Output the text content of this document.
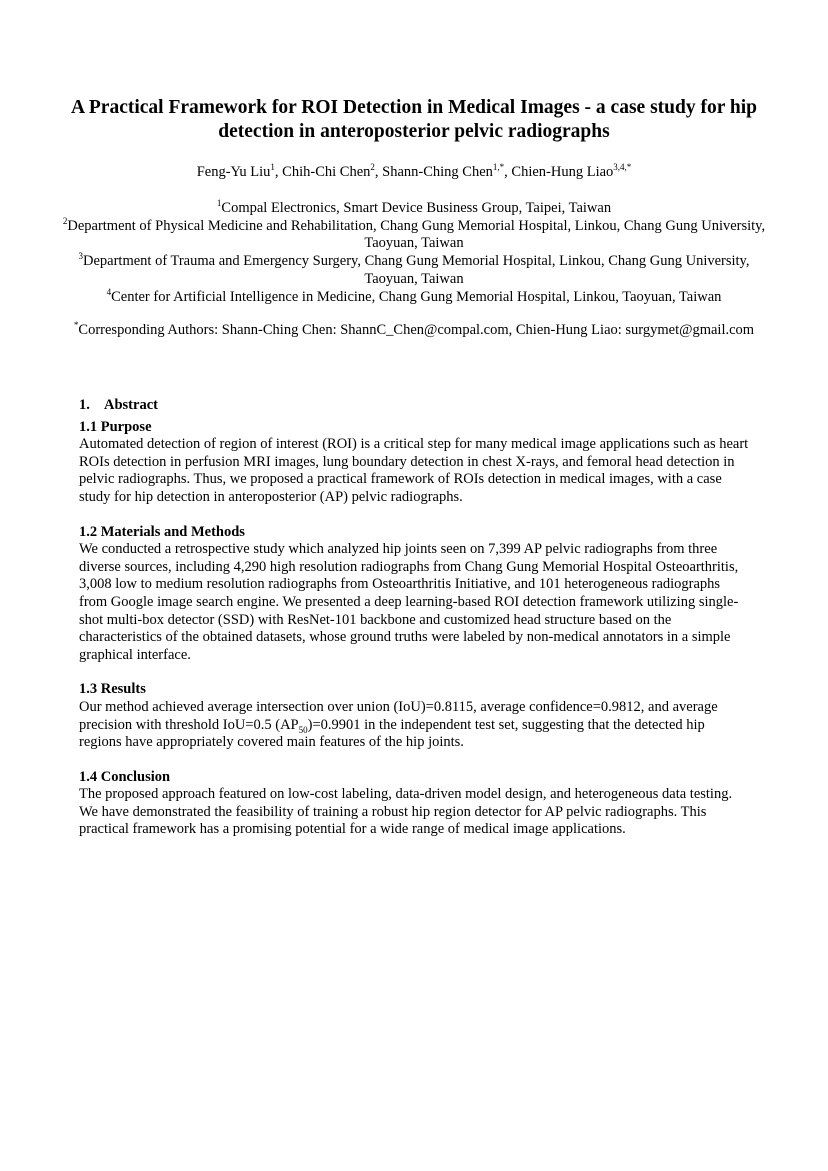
A Practical Framework for ROI Detection in Medical Images - a case study for hip detection in anteroposterior pelvic radiographs
Feng-Yu Liu$^1$, Chih-Chi Chen$^2$, Shann-Ching Chen$^{1,*}$, Chien-Hung Liao$^{3,4,*}$
$^1$Compal Electronics, Smart Device Business Group, Taipei, Taiwan
$^2$Department of Physical Medicine and Rehabilitation, Chang Gung Memorial Hospital, Linkou, Chang Gung University, Taoyuan, Taiwan
$^3$Department of Trauma and Emergency Surgery, Chang Gung Memorial Hospital, Linkou, Chang Gung University, Taoyuan, Taiwan
$^4$Center for Artificial Intelligence in Medicine, Chang Gung Memorial Hospital, Linkou, Taoyuan, Taiwan
*Corresponding Authors: Shann-Ching Chen: ShannC_Chen@compal.com, Chien-Hung Liao: surgymet@gmail.com
1. Abstract
1.1 Purpose

Automated detection of region of interest (ROI) is a critical step for many medical image applications such as heart ROIs detection in perfusion MRI images, lung boundary detection in chest X-rays, and femoral head detection in pelvic radiographs. Thus, we proposed a practical framework of ROIs detection in medical images, with a case study for hip detection in anteroposterior (AP) pelvic radiographs.

1.2 Materials and Methods

We conducted a retrospective study which analyzed hip joints seen on 7,399 AP pelvic radiographs from three diverse sources, including 4,290 high resolution radiographs from Chang Gung Memorial Hospital Osteoarthritis, 3,008 low to medium resolution radiographs from Osteoarthritis Initiative, and 101 heterogeneous radiographs from Google image search engine. We presented a deep learning-based ROI detection framework utilizing single-shot multi-box detector (SSD) with ResNet-101 backbone and customized head structure based on the characteristics of the obtained datasets, whose ground truths were labeled by non-medical annotators in a simple graphical interface.

1.3 Results

Our method achieved average intersection over union (IoU)=0.8115, average confidence=0.9812, and average precision with threshold IoU=0.5 $(AP_{50})=0.9901$ in the independent test set, suggesting that the detected hip regions have appropriately covered main features of the hip joints.

1.4 Conclusion

The proposed approach featured on low-cost labeling, data-driven model design, and heterogeneous data testing. We have demonstrated the feasibility of training a robust hip region detector for AP pelvic radiographs. This practical framework has a promising potential for a wide range of medical image applications.
